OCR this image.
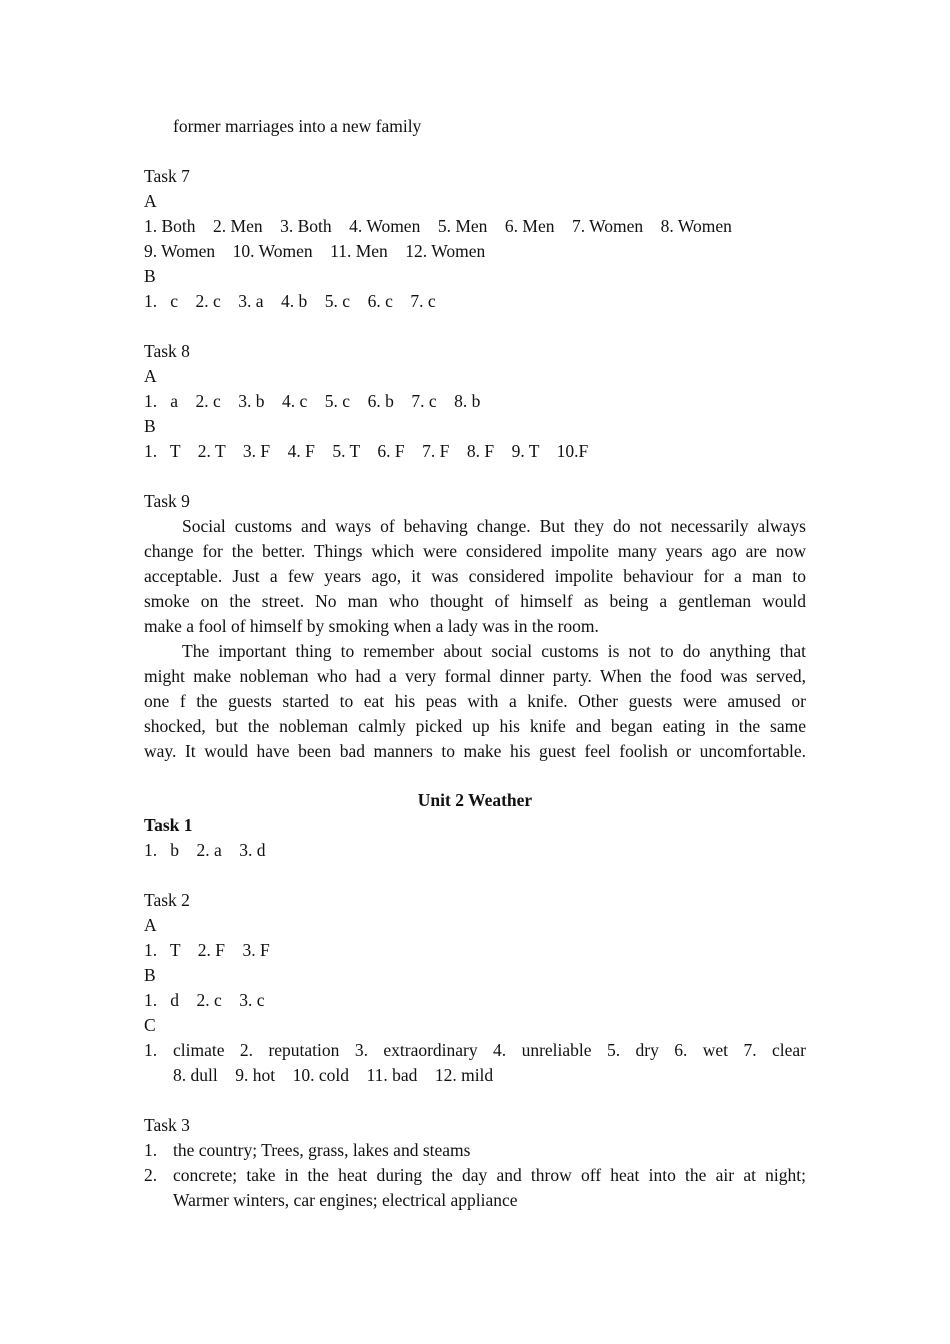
former marriages into a new family
Task 7
A
1. Both    2. Men    3. Both    4. Women    5. Men    6. Men    7. Women    8. Women
9. Women    10. Women    11. Men    12. Women
B
1.   c    2. c    3. a    4. b    5. c    6. c    7. c
Task 8
A
1.   a    2. c    3. b    4. c    5. c    6. b    7. c    8. b
B
1.   T    2. T    3. F    4. F    5. T    6. F    7. F    8. F    9. T    10.F
Task 9
Social customs and ways of behaving change. But they do not necessarily always
change for the better. Things which were considered impolite many years ago are now
acceptable. Just a few years ago, it was considered impolite behaviour for a man to
smoke on the street. No man who thought of himself as being a gentleman would
make a fool of himself by smoking when a lady was in the room.
The important thing to remember about social customs is not to do anything that
might make nobleman who had a very formal dinner party. When the food was served,
one f the guests started to eat his peas with a knife. Other guests were amused or
shocked, but the nobleman calmly picked up his knife and began eating in the same
way. It would have been bad manners to make his guest feel foolish or uncomfortable.
Unit 2 Weather
Task 1
1.   b    2. a    3. d
Task 2
A
1.   T    2. F    3. F
B
1.   d    2. c    3. c
C
1. climate 2. reputation 3. extraordinary 4. unreliable 5. dry 6. wet 7. clear
8. dull    9. hot    10. cold    11. bad    12. mild
Task 3
1. the country; Trees, grass, lakes and steams
2. concrete; take in the heat during the day and throw off heat into the air at night;
Warmer winters, car engines; electrical appliance
